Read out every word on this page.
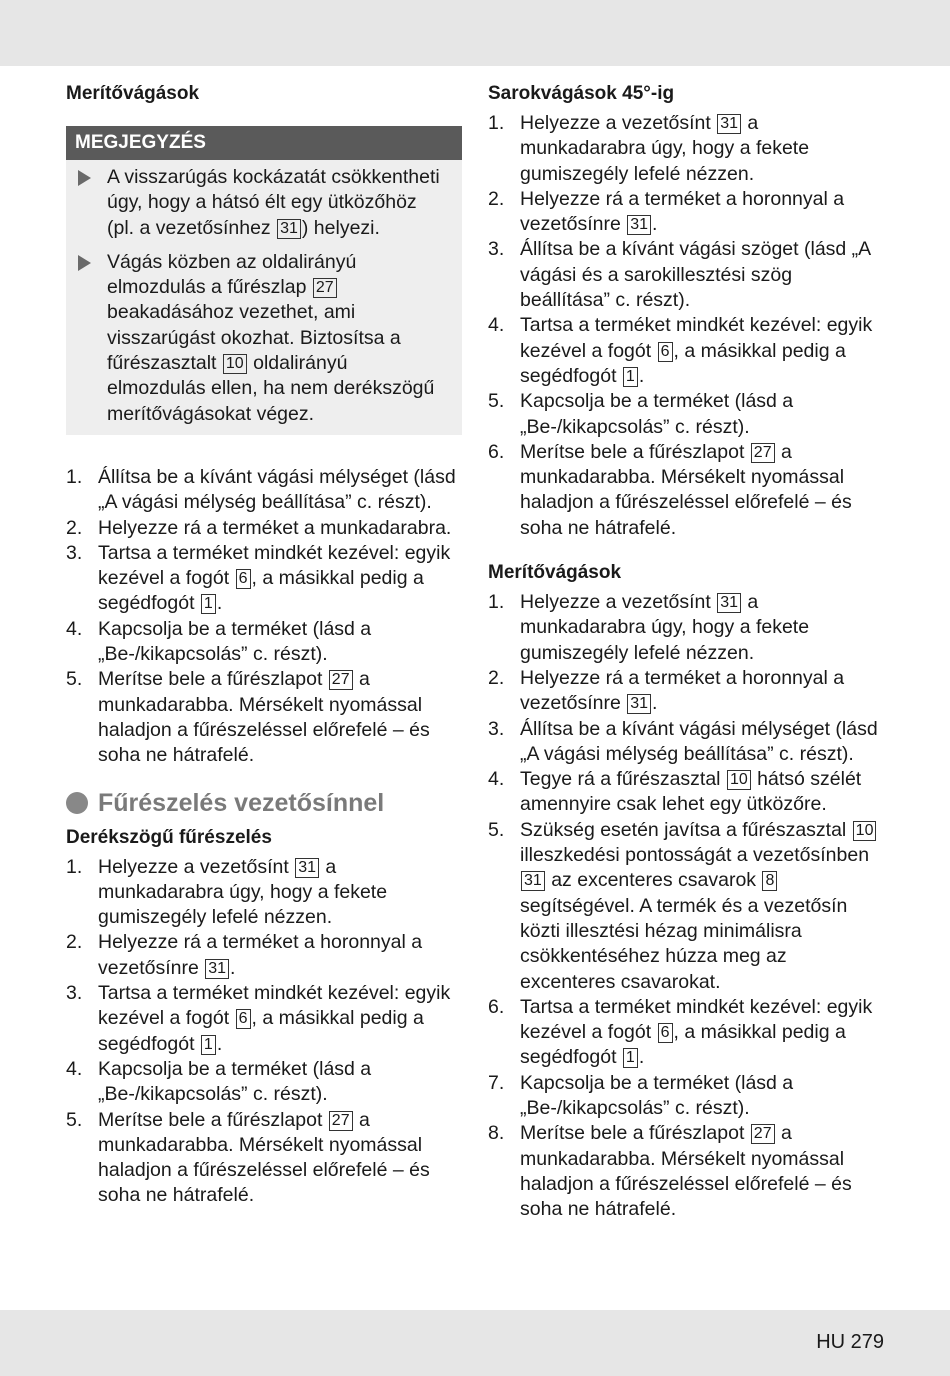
Merítővágások
MEGJEGYZÉS
A visszarúgás kockázatát csökkentheti úgy, hogy a hátsó élt egy ütközőhöz (pl. a vezetősínhez 31 ) helyezi.
Vágás közben az oldalirányú elmozdulás a fűrészlap 27 beakadásához vezethet, ami visszarúgást okozhat. Biztosítsa a fűrészasztalt 10 oldalirányú elmozdulás ellen, ha nem derékszögű merítővágásokat végez.
1. Állítsa be a kívánt vágási mélységet (lásd „A vágási mélység beállítása” c. részt).
2. Helyezze rá a terméket a munkadarabra.
3. Tartsa a terméket mindkét kezével: egyik kezével a fogót 6 , a másikkal pedig a segédfogót 1 .
4. Kapcsolja be a terméket (lásd a „Be-/kikapcsolás” c. részt).
5. Merítse bele a fűrészlapot 27 a munkadarabba. Mérsékelt nyomással haladjon a fűrészeléssel előrefelé – és soha ne hátrafelé.
Fűrészelés vezetősínnel
Derékszögű fűrészelés
1. Helyezze a vezetősínt 31 a munkadarabra úgy, hogy a fekete gumiszegély lefelé nézzen.
2. Helyezze rá a terméket a horonnyal a vezetősínre 31 .
3. Tartsa a terméket mindkét kezével: egyik kezével a fogót 6 , a másikkal pedig a segédfogót 1 .
4. Kapcsolja be a terméket (lásd a „Be-/kikapcsolás” c. részt).
5. Merítse bele a fűrészlapot 27 a munkadarabba. Mérsékelt nyomással haladjon a fűrészeléssel előrefelé – és soha ne hátrafelé.
Sarokvágások 45°-ig
1. Helyezze a vezetősínt 31 a munkadarabra úgy, hogy a fekete gumiszegély lefelé nézzen.
2. Helyezze rá a terméket a horonnyal a vezetősínre 31 .
3. Állítsa be a kívánt vágási szöget (lásd „A vágási és a sarokillesztési szög beállítása” c. részt).
4. Tartsa a terméket mindkét kezével: egyik kezével a fogót 6 , a másikkal pedig a segédfogót 1 .
5. Kapcsolja be a terméket (lásd a „Be-/kikapcsolás” c. részt).
6. Merítse bele a fűrészlapot 27 a munkadarabba. Mérsékelt nyomással haladjon a fűrészeléssel előrefelé – és soha ne hátrafelé.
Merítővágások
1. Helyezze a vezetősínt 31 a munkadarabra úgy, hogy a fekete gumiszegély lefelé nézzen.
2. Helyezze rá a terméket a horonnyal a vezetősínre 31 .
3. Állítsa be a kívánt vágási mélységet (lásd „A vágási mélység beállítása” c. részt).
4. Tegye rá a fűrészasztal 10 hátsó szélét amennyire csak lehet egy ütközőre.
5. Szükség esetén javítsa a fűrészasztal 10 illeszkedési pontosságát a vezetősínben 31 az excenteres csavarok 8 segítségével. A termék és a vezetősín közti illesztési hézag minimálisra csökkentéséhez húzza meg az excenteres csavarokat.
6. Tartsa a terméket mindkét kezével: egyik kezével a fogót 6 , a másikkal pedig a segédfogót 1 .
7. Kapcsolja be a terméket (lásd a „Be-/kikapcsolás” c. részt).
8. Merítse bele a fűrészlapot 27 a munkadarabba. Mérsékelt nyomással haladjon a fűrészeléssel előrefelé – és soha ne hátrafelé.
HU 279
